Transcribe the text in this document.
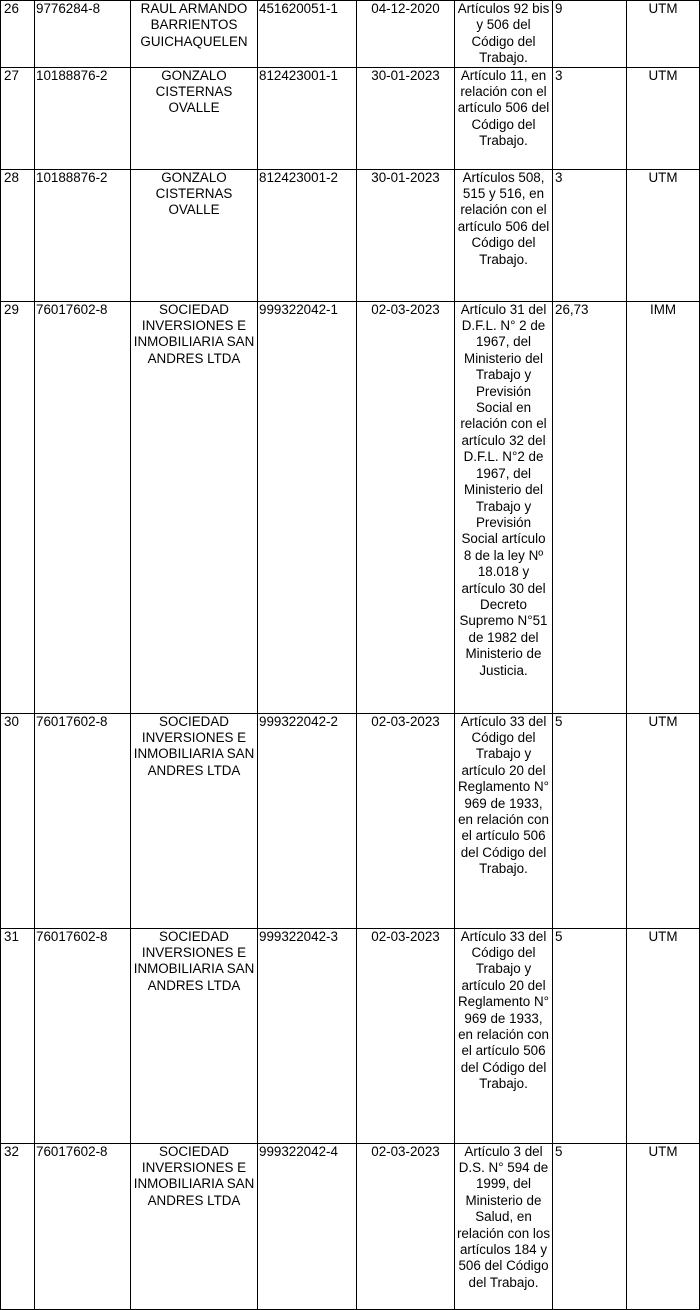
26	9776284-8	RAUL ARMANDO BARRIENTOS GUICHAQUELEN	451620051-1	04-12-2020	Artículos 92 bis y 506 del Código del Trabajo.	9	UTM
27	10188876-2	GONZALO CISTERNAS OVALLE	812423001-1	30-01-2023	Artículo 11, en relación con el artículo 506 del Código del Trabajo.	3	UTM
28	10188876-2	GONZALO CISTERNAS OVALLE	812423001-2	30-01-2023	Artículos 508, 515 y 516, en relación con el artículo 506 del Código del Trabajo.	3	UTM
29	76017602-8	SOCIEDAD INVERSIONES E INMOBILIARIA SAN ANDRES LTDA	999322042-1	02-03-2023	Artículo 31 del D.F.L. N° 2 de 1967, del Ministerio del Trabajo y Previsión Social en relación con el artículo 32 del D.F.L. N°2 de 1967, del Ministerio del Trabajo y Previsión Social artículo 8 de la ley Nº 18.018 y artículo 30 del Decreto Supremo N°51 de 1982 del Ministerio de Justicia.	26,73	IMM
30	76017602-8	SOCIEDAD INVERSIONES E INMOBILIARIA SAN ANDRES LTDA	999322042-2	02-03-2023	Artículo 33 del Código del Trabajo y artículo 20 del Reglamento N° 969 de 1933, en relación con el artículo 506 del Código del Trabajo.	5	UTM
31	76017602-8	SOCIEDAD INVERSIONES E INMOBILIARIA SAN ANDRES LTDA	999322042-3	02-03-2023	Artículo 33 del Código del Trabajo y artículo 20 del Reglamento N° 969 de 1933, en relación con el artículo 506 del Código del Trabajo.	5	UTM
32	76017602-8	SOCIEDAD INVERSIONES E INMOBILIARIA SAN ANDRES LTDA	999322042-4	02-03-2023	Artículo 3 del D.S. N° 594 de 1999, del Ministerio de Salud, en relación con los artículos 184 y 506 del Código del Trabajo.	5	UTM
